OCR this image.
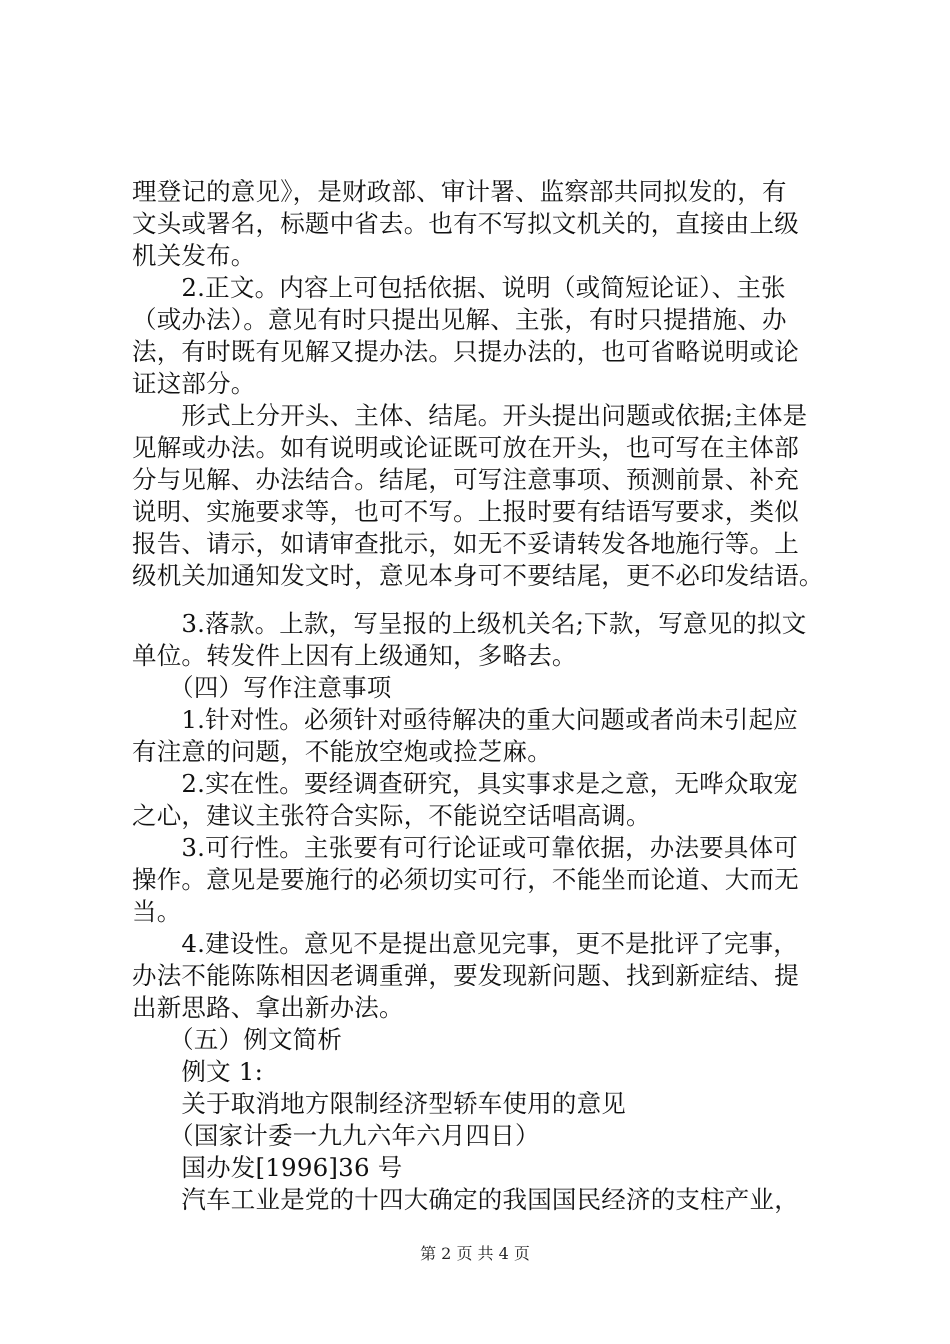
理登记的意见》，是财政部、审计署、监察部共同拟发的，有
文头或署名，标题中省去。也有不写拟文机关的，直接由上级
机关发布。
　　2.正文。内容上可包括依据、说明（或简短论证）、主张
（或办法）。意见有时只提出见解、主张，有时只提措施、办
法，有时既有见解又提办法。只提办法的，也可省略说明或论
证这部分。
　　形式上分开头、主体、结尾。开头提出问题或依据;主体是
见解或办法。如有说明或论证既可放在开头，也可写在主体部
分与见解、办法结合。结尾，可写注意事项、预测前景、补充
说明、实施要求等，也可不写。上报时要有结语写要求，类似
报告、请示，如请审查批示，如无不妥请转发各地施行等。上
级机关加通知发文时，意见本身可不要结尾，更不必印发结语。
　　3.落款。上款，写呈报的上级机关名;下款，写意见的拟文
单位。转发件上因有上级通知，多略去。
　　（四）写作注意事项
　　1.针对性。必须针对亟待解决的重大问题或者尚未引起应
有注意的问题，不能放空炮或捡芝麻。
　　2.实在性。要经调查研究，具实事求是之意，无哗众取宠
之心，建议主张符合实际，不能说空话唱高调。
　　3.可行性。主张要有可行论证或可靠依据，办法要具体可
操作。意见是要施行的必须切实可行，不能坐而论道、大而无
当。
　　4.建设性。意见不是提出意见完事，更不是批评了完事，
办法不能陈陈相因老调重弹，要发现新问题、找到新症结、提
出新思路、拿出新办法。
　　（五）例文简析
　　例文 1:
　　关于取消地方限制经济型轿车使用的意见
　　（国家计委一九九六年六月四日）
　　国办发[1996]36 号
　　汽车工业是党的十四大确定的我国国民经济的支柱产业，
第 2 页 共 4 页
